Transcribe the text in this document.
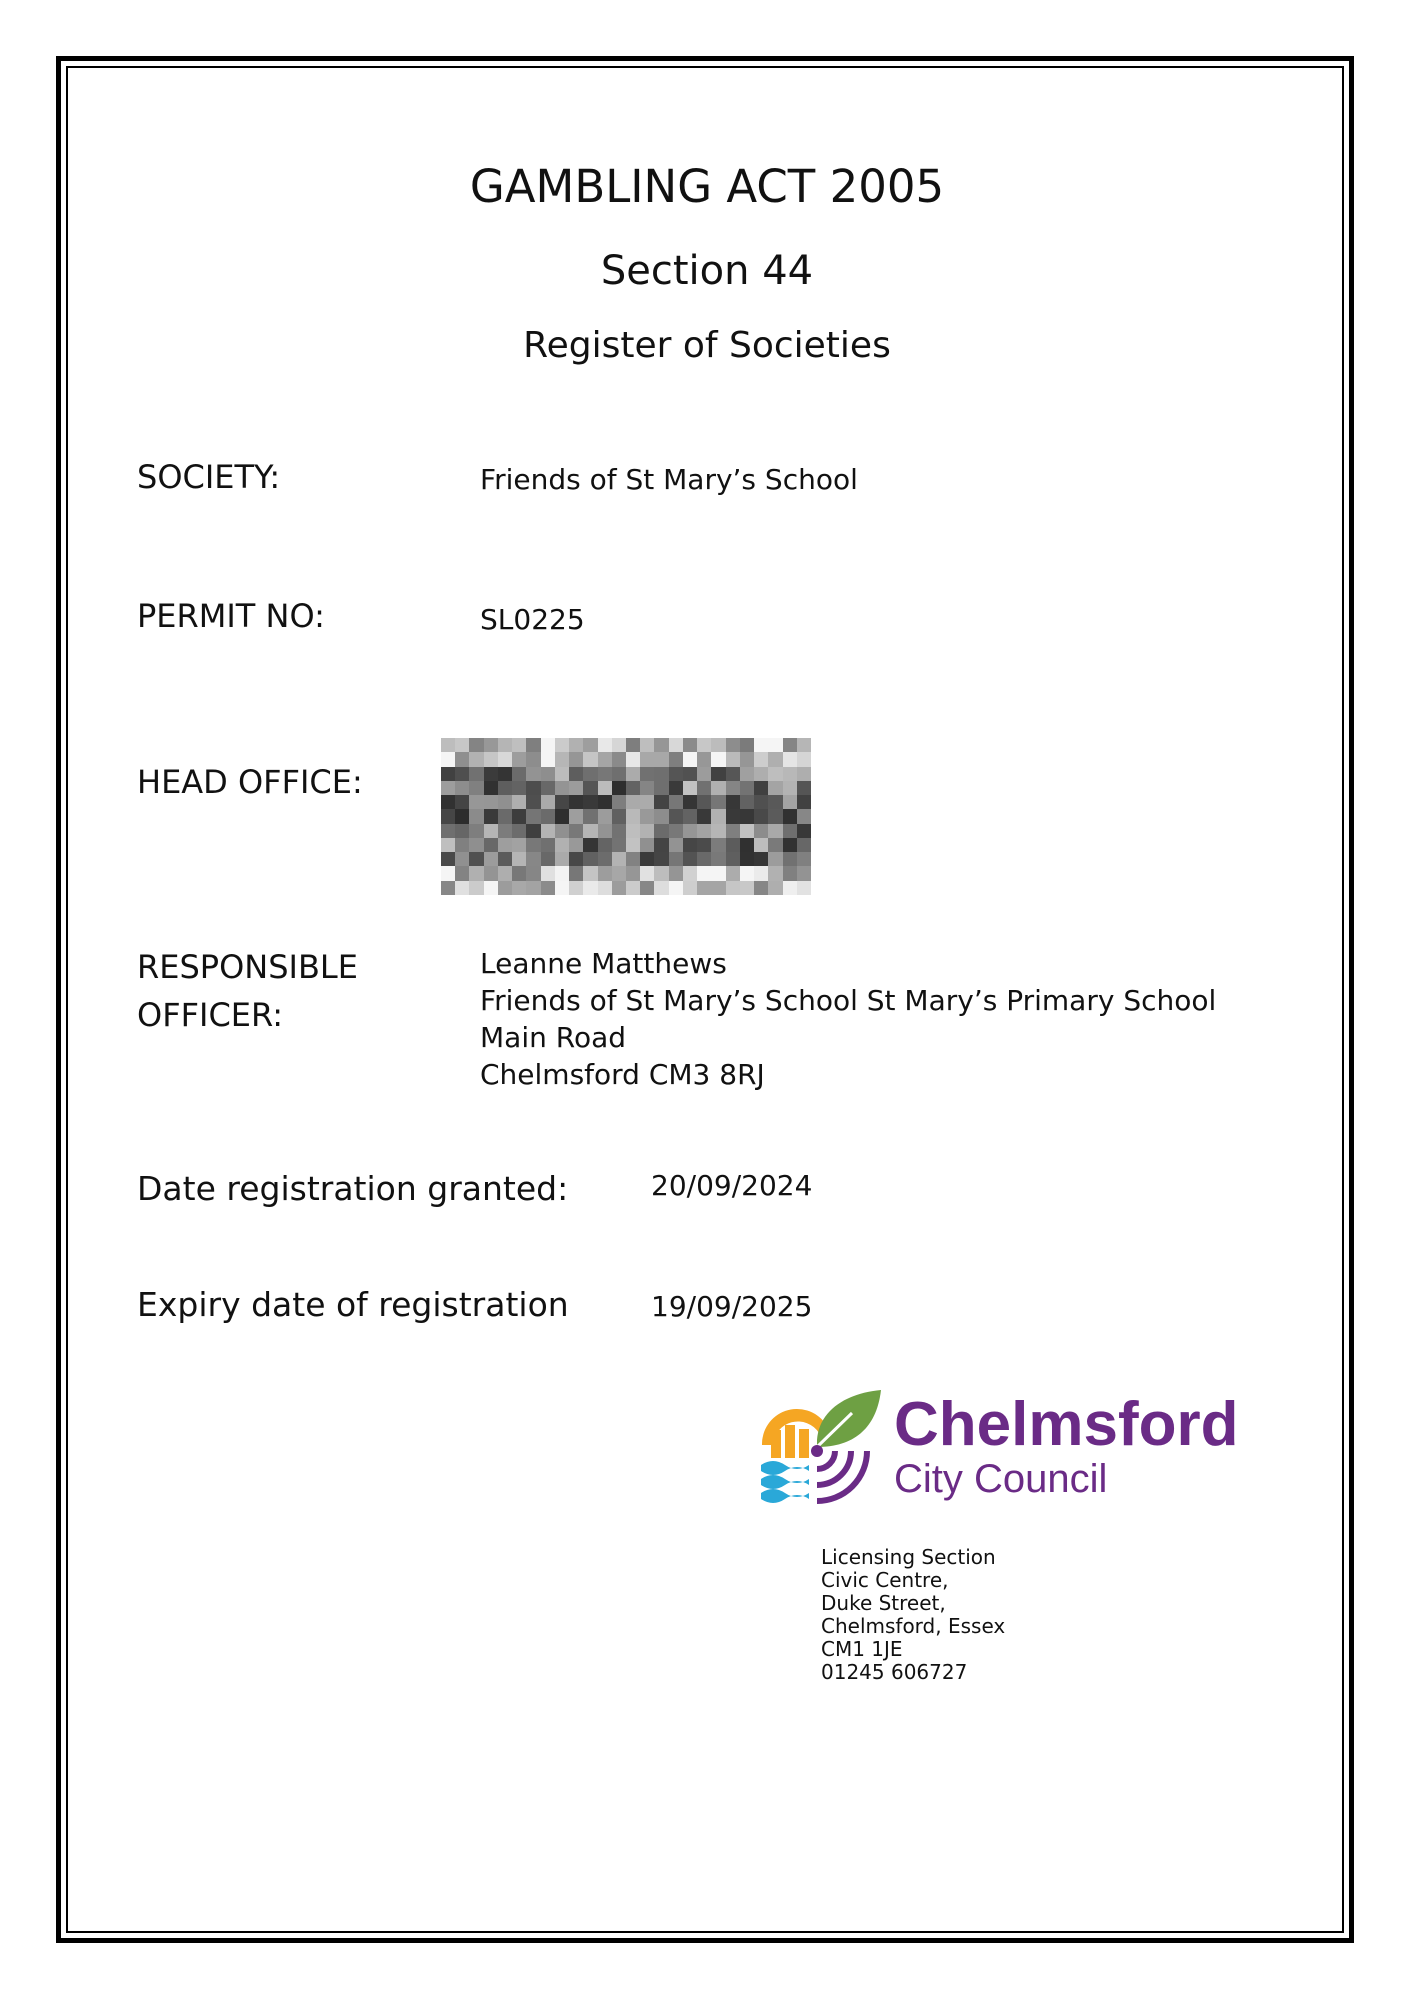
GAMBLING ACT 2005
Section 44
Register of Societies
SOCIETY:	Friends of St Mary’s School
PERMIT NO:	SL0225
HEAD OFFICE:
RESPONSIBLE OFFICER:
Leanne Matthews
Friends of St Mary’s School St Mary’s Primary School
Main Road
Chelmsford CM3 8RJ
Date registration granted:	20/09/2024
Expiry date of registration	19/09/2025
Chelmsford
City Council
Licensing Section
Civic Centre,
Duke Street,
Chelmsford, Essex
CM1 1JE
01245 606727
